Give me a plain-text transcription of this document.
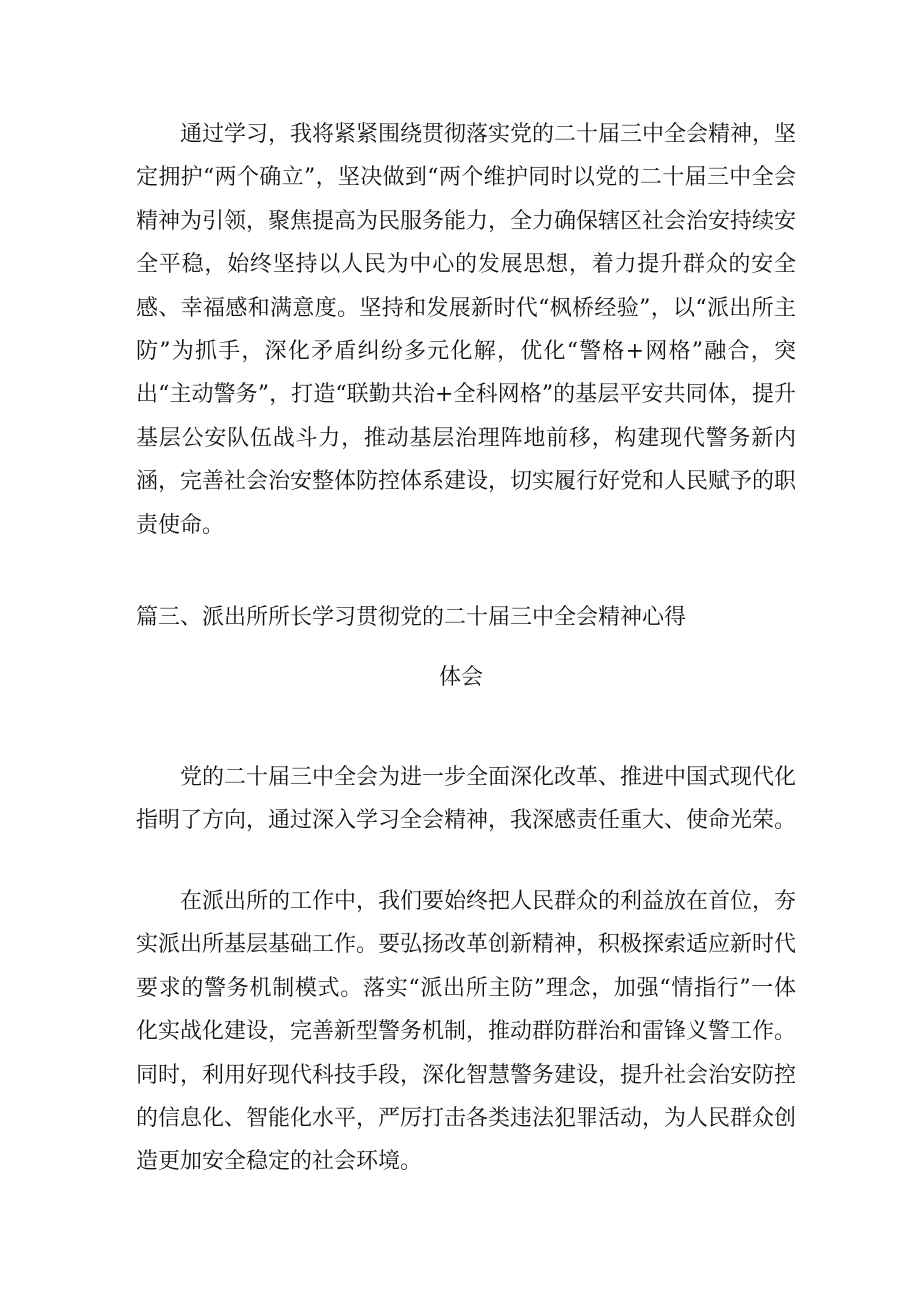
通过学习，我将紧紧围绕贯彻落实党的二十届三中全会精神，坚定拥护“两个确立”，坚决做到“两个维护同时以党的二十届三中全会精神为引领，聚焦提高为民服务能力，全力确保辖区社会治安持续安全平稳，始终坚持以人民为中心的发展思想，着力提升群众的安全感、幸福感和满意度。坚持和发展新时代“枫桥经验”，以“派出所主防”为抓手，深化矛盾纠纷多元化解，优化“警格+网格”融合，突出“主动警务”，打造“联勤共治+全科网格”的基层平安共同体，提升基层公安队伍战斗力，推动基层治理阵地前移，构建现代警务新内涵，完善社会治安整体防控体系建设，切实履行好党和人民赋予的职责使命。

篇三、派出所所长学习贯彻党的二十届三中全会精神心得
体会

党的二十届三中全会为进一步全面深化改革、推进中国式现代化指明了方向，通过深入学习全会精神，我深感责任重大、使命光荣。

在派出所的工作中，我们要始终把人民群众的利益放在首位，夯实派出所基层基础工作。要弘扬改革创新精神，积极探索适应新时代要求的警务机制模式。落实“派出所主防”理念，加强“情指行”一体化实战化建设，完善新型警务机制，推动群防群治和雷锋义警工作。同时，利用好现代科技手段，深化智慧警务建设，提升社会治安防控的信息化、智能化水平，严厉打击各类违法犯罪活动，为人民群众创造更加安全稳定的社会环境。
